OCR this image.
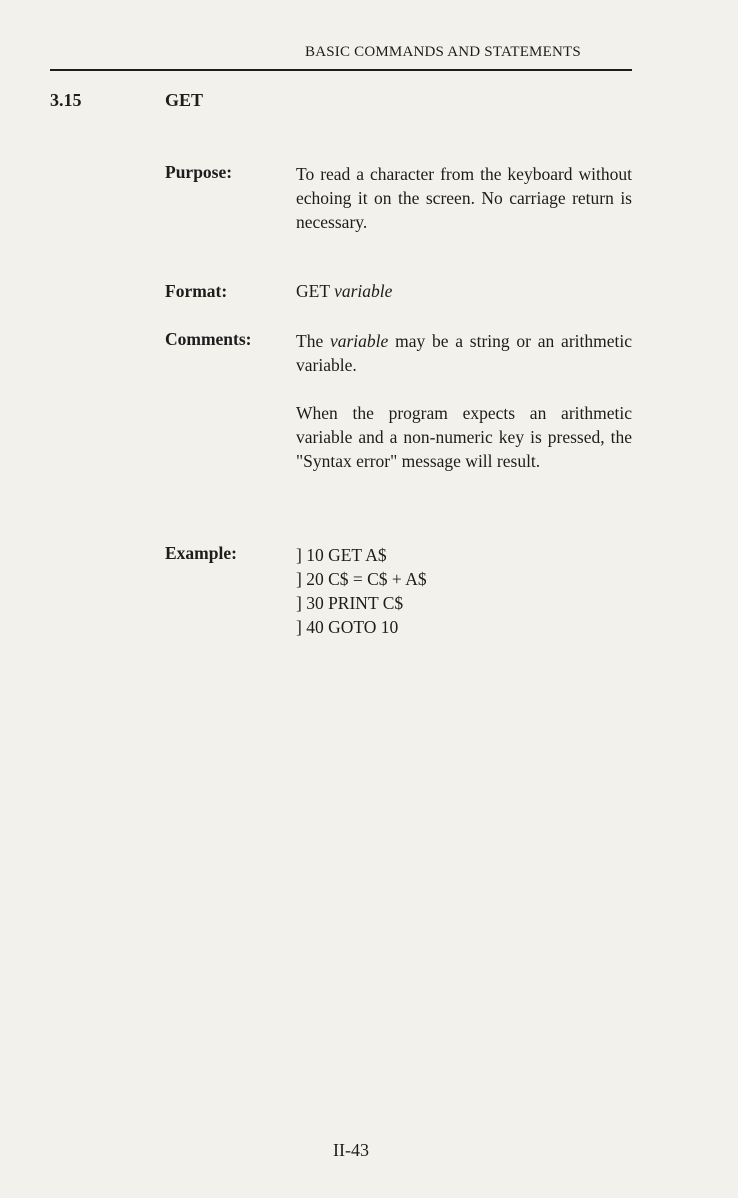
BASIC COMMANDS AND STATEMENTS
3.15	GET
Purpose:	To read a character from the keyboard without echoing it on the screen. No carriage return is necessary.

Format:	GET variable
Comments:	The variable may be a string or an arithmetic variable.

When the program expects an arithmetic variable and a non-numeric key is pressed, the "Syntax error" message will result.

Example:	] 10 GET A$
] 20 C$ = C$ + A$
] 30 PRINT C$
] 40 GOTO 10
II-43
